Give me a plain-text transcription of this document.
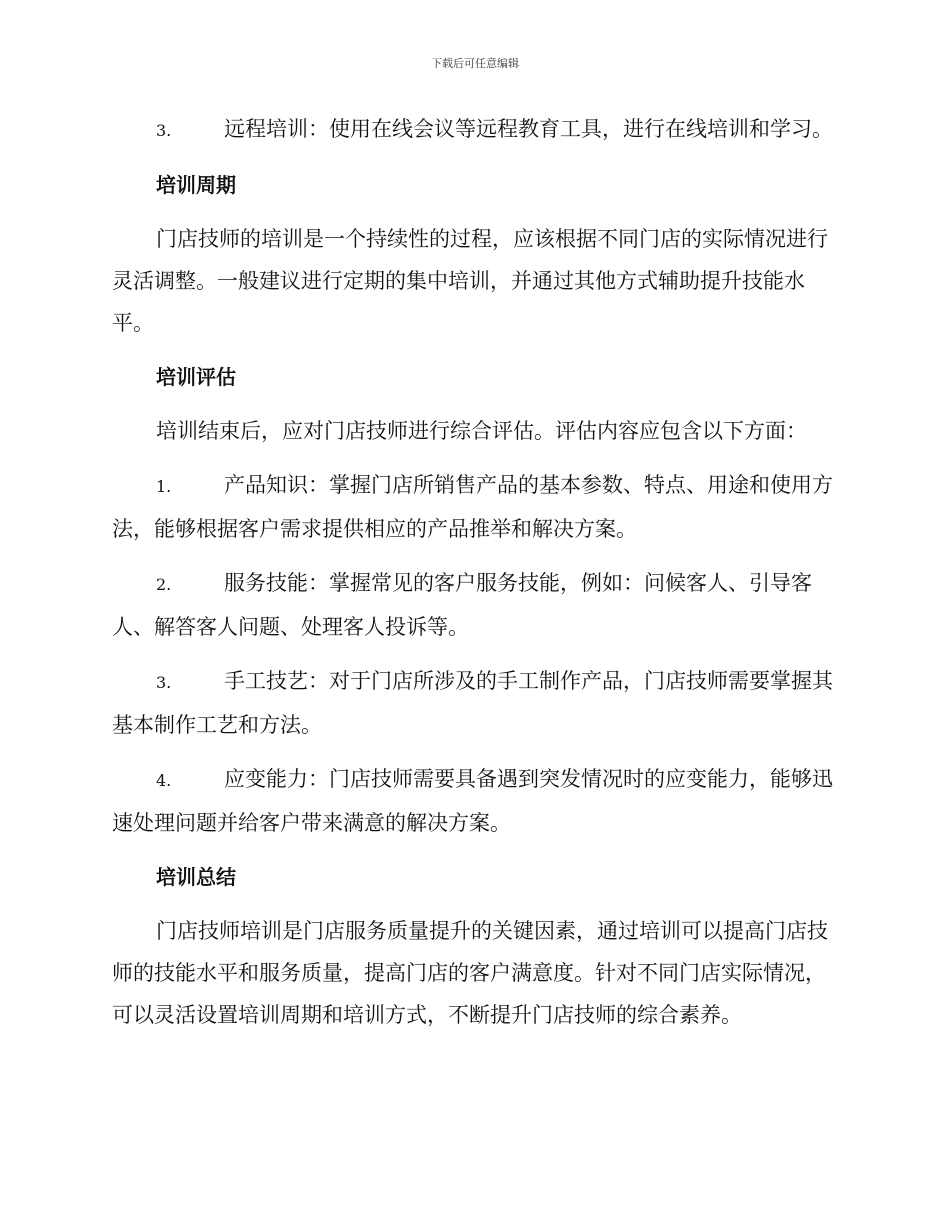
下载后可任意编辑

3.	远程培训：使用在线会议等远程教育工具，进行在线培训和学习。

培训周期

门店技师的培训是一个持续性的过程，应该根据不同门店的实际情况进行灵活调整。一般建议进行定期的集中培训，并通过其他方式辅助提升技能水平。

培训评估

培训结束后，应对门店技师进行综合评估。评估内容应包含以下方面：

1.	产品知识：掌握门店所销售产品的基本参数、特点、用途和使用方法，能够根据客户需求提供相应的产品推举和解决方案。

2.	服务技能：掌握常见的客户服务技能，例如：问候客人、引导客人、解答客人问题、处理客人投诉等。

3.	手工技艺：对于门店所涉及的手工制作产品，门店技师需要掌握其基本制作工艺和方法。

4.	应变能力：门店技师需要具备遇到突发情况时的应变能力，能够迅速处理问题并给客户带来满意的解决方案。

培训总结

门店技师培训是门店服务质量提升的关键因素，通过培训可以提高门店技师的技能水平和服务质量，提高门店的客户满意度。针对不同门店实际情况，可以灵活设置培训周期和培训方式，不断提升门店技师的综合素养。
